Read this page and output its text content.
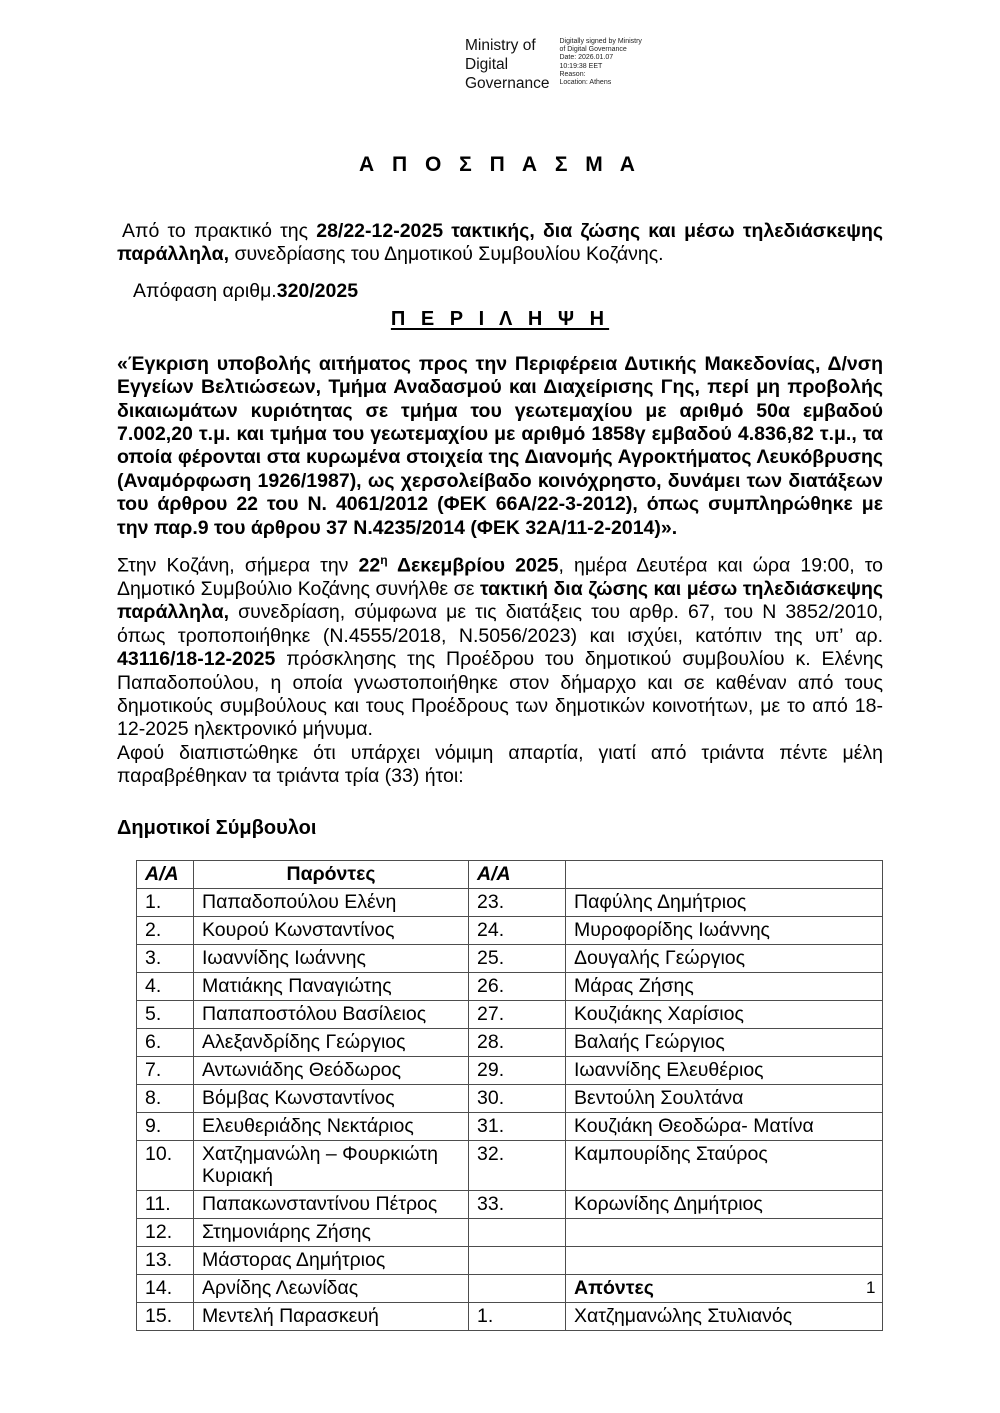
Ministry of
Digital
Governance
Digitally signed by Ministry
of Digital Governance
Date: 2026.01.07
10:19:38 EET
Reason:
Location: Athens
Α Π Ο Σ Π Α Σ Μ Α

Από το πρακτικό της 28/22-12-2025 τακτικής, δια ζώσης και μέσω τηλεδιάσκεψης παράλληλα, συνεδρίασης του Δημοτικού Συμβουλίου Κοζάνης.

Απόφαση αριθμ.320/2025
Π Ε Ρ Ι Λ Η Ψ Η

«Έγκριση υποβολής αιτήματος προς την Περιφέρεια Δυτικής Μακεδονίας, Δ/νση Εγγείων Βελτιώσεων, Τμήμα Αναδασμού και Διαχείρισης Γης, περί μη προβολής δικαιωμάτων κυριότητας σε τμήμα του γεωτεμαχίου με αριθμό 50α εμβαδού 7.002,20 τ.μ. και τμήμα του γεωτεμαχίου με αριθμό 1858γ εμβαδού 4.836,82 τ.μ., τα οποία φέρονται στα κυρωμένα στοιχεία της Διανομής Αγροκτήματος Λευκόβρυσης (Αναμόρφωση 1926/1987), ως χερσολείβαδο κοινόχρηστο, δυνάμει των διατάξεων του άρθρου 22 του Ν. 4061/2012 (ΦΕΚ 66Α/22-3-2012), όπως συμπληρώθηκε με την παρ.9 του άρθρου 37 Ν.4235/2014 (ΦΕΚ 32Α/11-2-2014)».

Στην Κοζάνη, σήμερα την $22^\eta$ Δεκεμβρίου 2025, ημέρα Δευτέρα και ώρα 19:00, το Δημοτικό Συμβούλιο Κοζάνης συνήλθε σε τακτική δια ζώσης και μέσω τηλεδιάσκεψης παράλληλα, συνεδρίαση, σύμφωνα με τις διατάξεις του αρθρ. 67, του Ν 3852/2010, όπως τροποποιήθηκε (Ν.4555/2018, Ν.5056/2023) και ισχύει, κατόπιν της υπ’ αρ. 43116/18-12-2025 πρόσκλησης της Προέδρου του δημοτικού συμβουλίου κ. Ελένης Παπαδοπούλου, η οποία γνωστοποιήθηκε στον δήμαρχο και σε καθέναν από τους δημοτικούς συμβούλους και τους Προέδρους των δημοτικών κοινοτήτων, με το από 18-12-2025 ηλεκτρονικό μήνυμα.

Αφού διαπιστώθηκε ότι υπάρχει νόμιμη απαρτία, γιατί από τριάντα πέντε μέλη παραβρέθηκαν τα τριάντα τρία (33) ήτοι:

Δημοτικοί Σύμβουλοι
Α/Α	Παρόντες	Α/Α	
1.	Παπαδοπούλου Ελένη	23.	Παφύλης Δημήτριος
2.	Κουρού Κωνσταντίνος	24.	Μυροφορίδης Ιωάννης
3.	Ιωαννίδης Ιωάννης	25.	Δουγαλής Γεώργιος
4.	Ματιάκης Παναγιώτης	26.	Μάρας Ζήσης
5.	Παπαποστόλου Βασίλειος	27.	Κουζιάκης Χαρίσιος
6.	Αλεξανδρίδης Γεώργιος	28.	Βαλαής Γεώργιος
7.	Αντωνιάδης Θεόδωρος	29.	Ιωαννίδης Ελευθέριος
8.	Βόμβας Κωνσταντίνος	30.	Βεντούλη Σουλτάνα
9.	Ελευθεριάδης Νεκτάριος	31.	Κουζιάκη Θεοδώρα- Ματίνα
10.	Χατζημανώλη – Φουρκιώτη Κυριακή	32.	Καμπουρίδης Σταύρος
11.	Παπακωνσταντίνου Πέτρος	33.	Κορωνίδης Δημήτριος
12.	Στημονιάρης Ζήσης		
13.	Μάστορας Δημήτριος		
14.	Αρνίδης Λεωνίδας		Απόντες
15.	Μεντελή Παρασκευή	1.	Χατζημανώλης Στυλιανός
1
